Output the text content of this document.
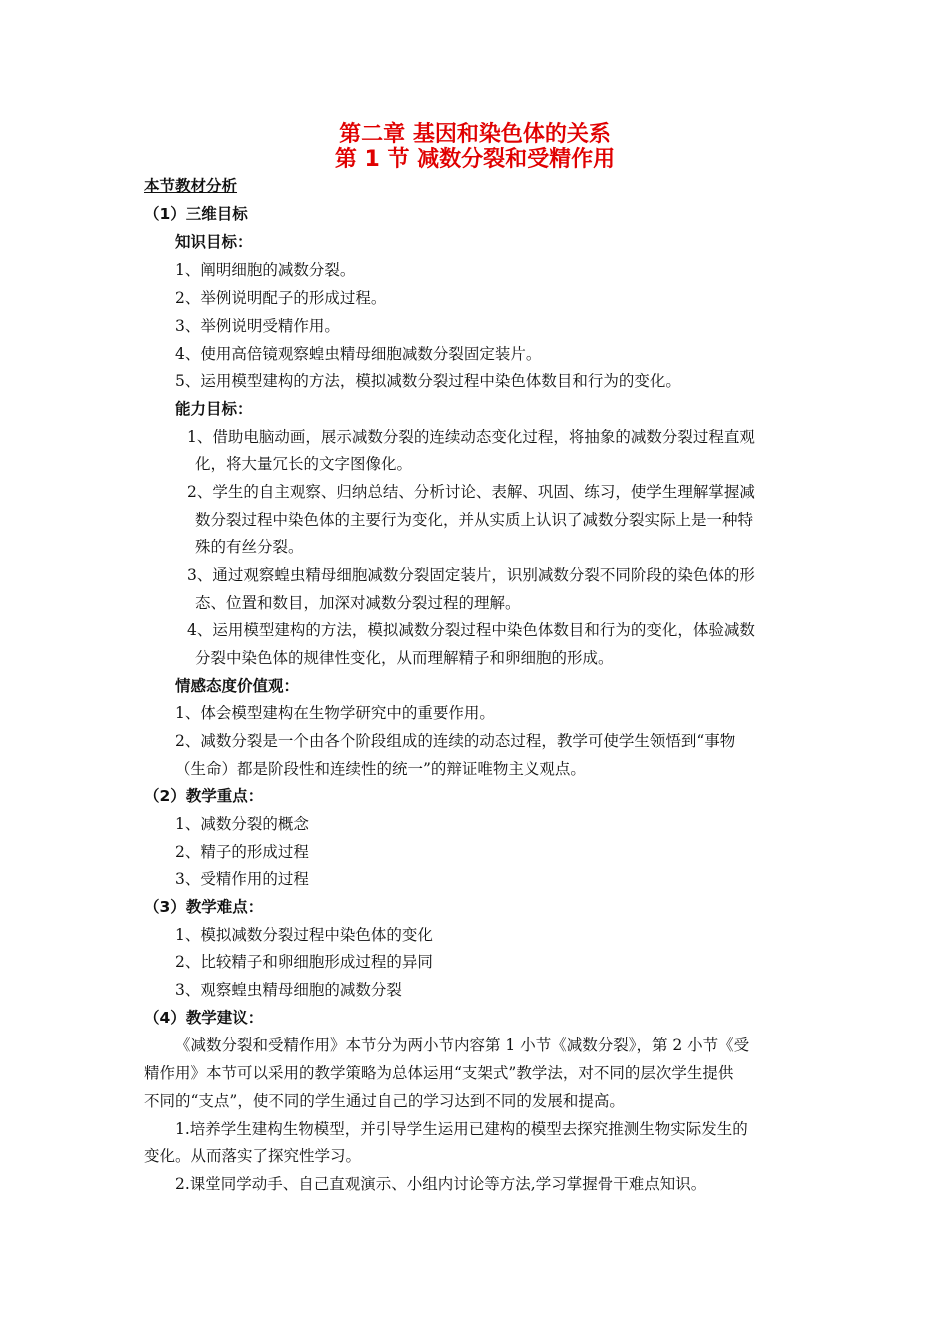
第二章 基因和染色体的关系
第 1 节 减数分裂和受精作用
本节教材分析
（1）三维目标
知识目标：
1、阐明细胞的减数分裂。
2、举例说明配子的形成过程。
3、举例说明受精作用。
4、使用高倍镜观察蝗虫精母细胞减数分裂固定装片。
5、运用模型建构的方法，模拟减数分裂过程中染色体数目和行为的变化。
能力目标：
1、借助电脑动画，展示减数分裂的连续动态变化过程，将抽象的减数分裂过程直观
化，将大量冗长的文字图像化。
2、学生的自主观察、归纳总结、分析讨论、表解、巩固、练习，使学生理解掌握减
数分裂过程中染色体的主要行为变化，并从实质上认识了减数分裂实际上是一种特
殊的有丝分裂。
3、通过观察蝗虫精母细胞减数分裂固定装片，识别减数分裂不同阶段的染色体的形
态、位置和数目，加深对减数分裂过程的理解。
4、运用模型建构的方法，模拟减数分裂过程中染色体数目和行为的变化，体验减数
分裂中染色体的规律性变化，从而理解精子和卵细胞的形成。
情感态度价值观：
1、体会模型建构在生物学研究中的重要作用。
2、减数分裂是一个由各个阶段组成的连续的动态过程，教学可使学生领悟到“事物
（生命）都是阶段性和连续性的统一”的辩证唯物主义观点。
（2）教学重点：
1、减数分裂的概念
2、精子的形成过程
3、受精作用的过程
（3）教学难点：
1、模拟减数分裂过程中染色体的变化
2、比较精子和卵细胞形成过程的异同
3、观察蝗虫精母细胞的减数分裂
（4）教学建议：
《减数分裂和受精作用》本节分为两小节内容第 1 小节《减数分裂》，第 2 小节《受
精作用》本节可以采用的教学策略为总体运用“支架式”教学法，对不同的层次学生提供
不同的“支点”，使不同的学生通过自己的学习达到不同的发展和提高。
1.培养学生建构生物模型，并引导学生运用已建构的模型去探究推测生物实际发生的
变化。从而落实了探究性学习。
2.课堂同学动手、自己直观演示、小组内讨论等方法,学习掌握骨干难点知识。
